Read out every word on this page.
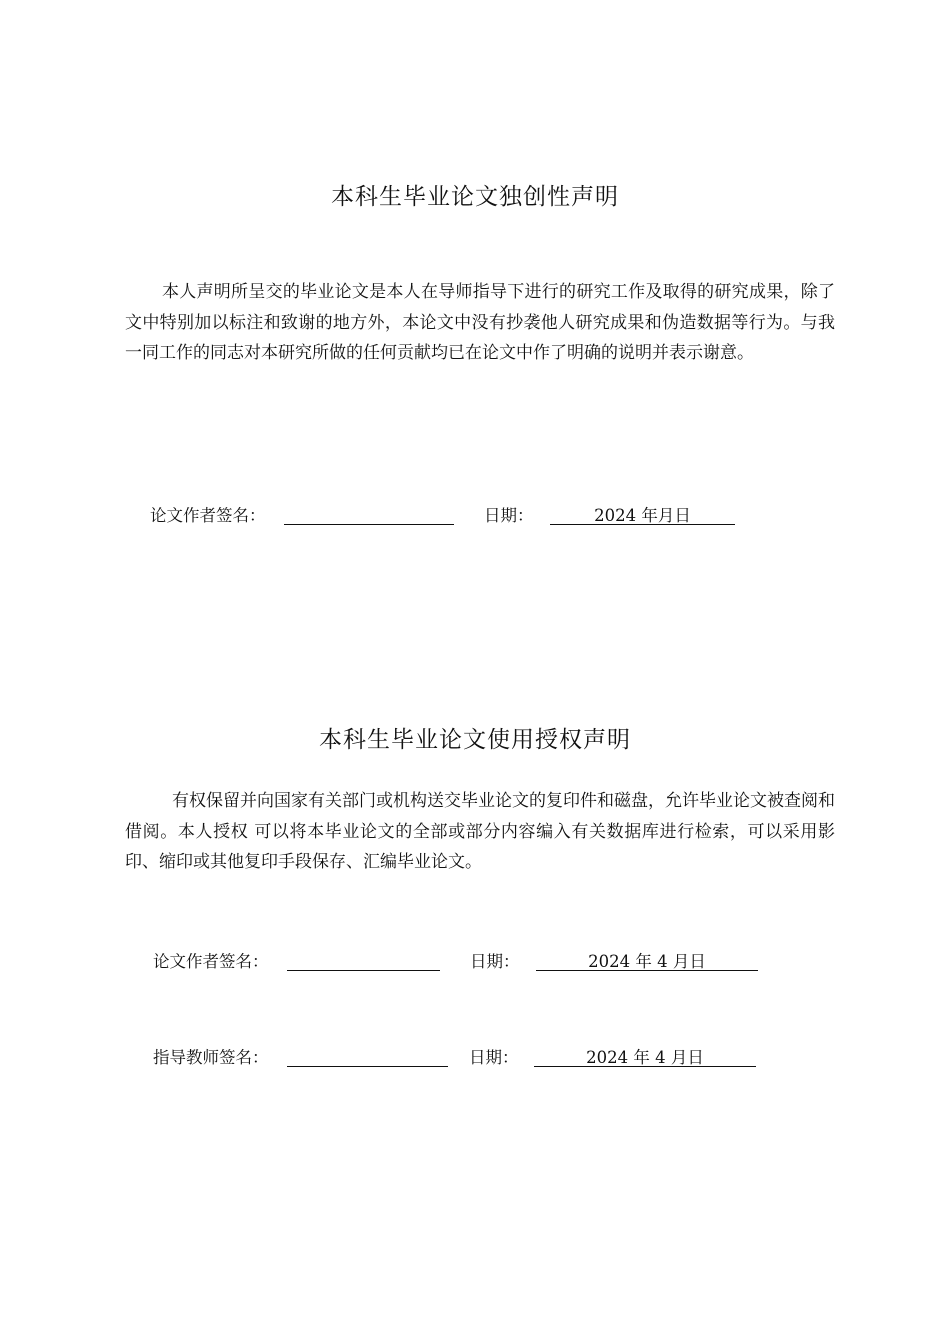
本科生毕业论文独创性声明

本人声明所呈交的毕业论文是本人在导师指导下进行的研究工作及取得的研究成果，除了文中特别加以标注和致谢的地方外，本论文中没有抄袭他人研究成果和伪造数据等行为。与我一同工作的同志对本研究所做的任何贡献均已在论文中作了明确的说明并表示谢意。

论文作者签名：	日期：	2024 年月日
本科生毕业论文使用授权声明

有权保留并向国家有关部门或机构送交毕业论文的复印件和磁盘，允许毕业论文被查阅和借阅。本人授权 可以将本毕业论文的全部或部分内容编入有关数据库进行检索，可以采用影印、缩印或其他复印手段保存、汇编毕业论文。

论文作者签名：	日期：	2024 年 4 月日
指导教师签名：	日期：	2024 年 4 月日
